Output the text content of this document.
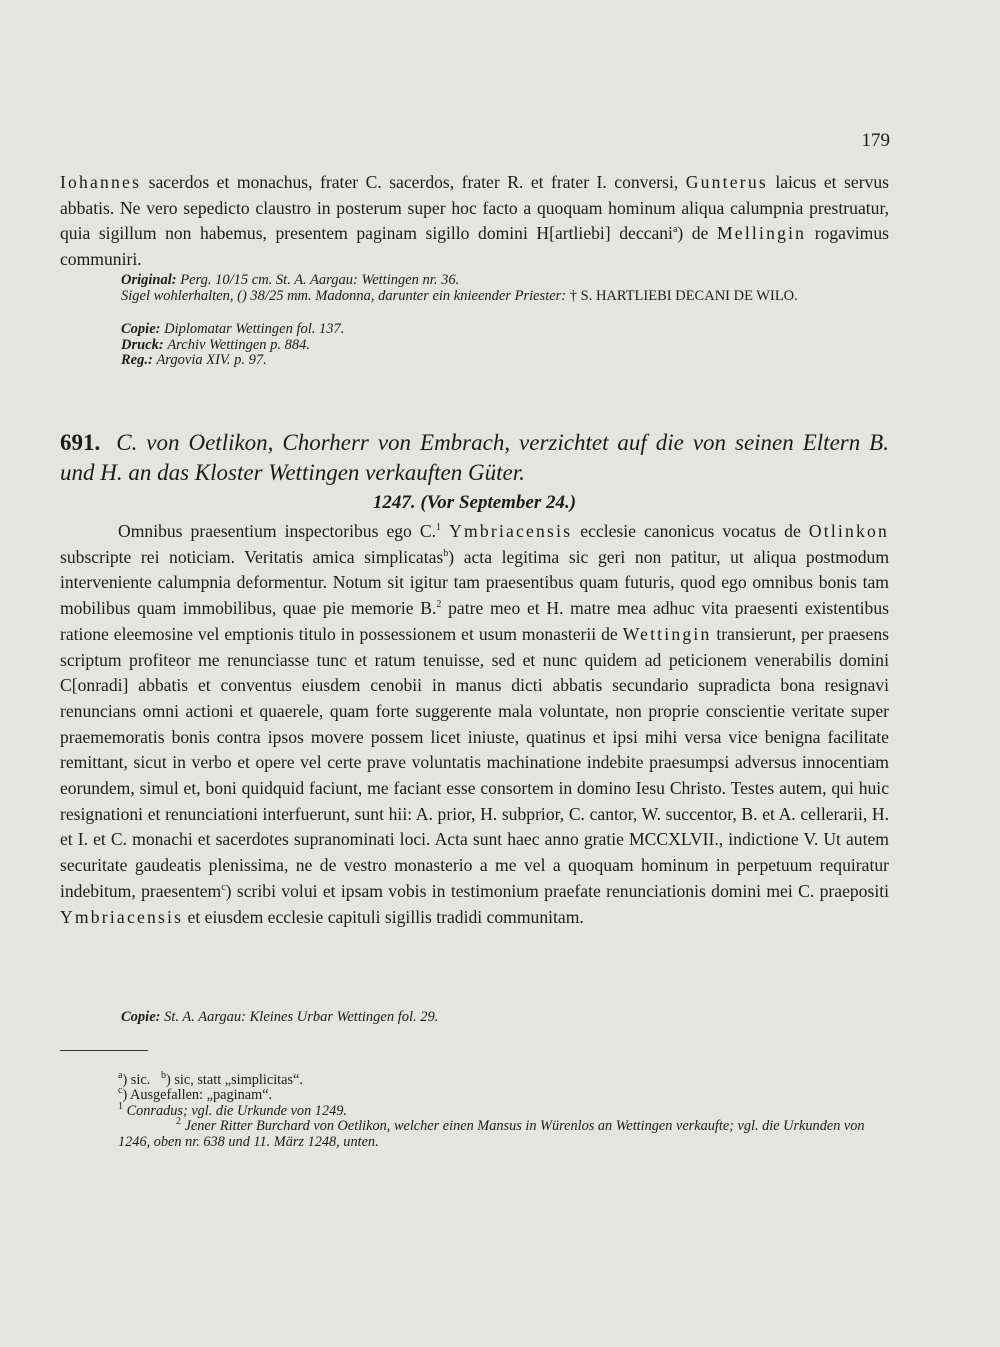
179

Iohannes sacerdos et monachus, frater C. sacerdos, frater R. et frater I. conversi, Gunterus laicus et servus abbatis. Ne vero sepedicto claustro in posterum super hoc facto a quoquam hominum aliqua calumpnia prestruatur, quia sigillum non habemus, presentem paginam sigillo domini H[artliebi] deccani$^a$) de Mellingin rogavimus communiri.

Original: Perg. 10/15 cm. St. A. Aargau: Wettingen nr. 36.

Sigel wohlerhalten, () 38/25 mm. Madonna, darunter ein knieender Priester: † S. HARTLIEBI DECANI DE WILO.

Copie: Diplomatar Wettingen fol. 137.

Druck: Archiv Wettingen p. 884.

Reg.: Argovia XIV. p. 97.

691. C. von Oetlikon, Chorherr von Embrach, verzichtet auf die von seinen Eltern B. und H. an das Kloster Wettingen verkauften Güter.

1247. (Vor September 24.)

Omnibus praesentium inspectoribus ego C.$^1$ Ymbriacensis ecclesie canonicus vocatus de Otlinkon subscripte rei noticiam. Veritatis amica simplicatas$^b$) acta legitima sic geri non patitur, ut aliqua postmodum interveniente calumpnia deformentur. Notum sit igitur tam praesentibus quam futuris, quod ego omnibus bonis tam mobilibus quam immobilibus, quae pie memorie B.$^2$ patre meo et H. matre mea adhuc vita praesenti existentibus ratione eleemosine vel emptionis titulo in possessionem et usum monasterii de Wettingin transierunt, per praesens scriptum profiteor me renunciasse tunc et ratum tenuisse, sed et nunc quidem ad peticionem venerabilis domini C[onradi] abbatis et conventus eiusdem cenobii in manus dicti abbatis secundario supradicta bona resignavi renuncians omni actioni et quaerele, quam forte suggerente mala voluntate, non proprie conscientie veritate super praememoratis bonis contra ipsos movere possem licet iniuste, quatinus et ipsi mihi versa vice benigna facilitate remittant, sicut in verbo et opere vel certe prave voluntatis machinatione indebite praesumpsi adversus innocentiam eorundem, simul et, boni quidquid faciunt, me faciant esse consortem in domino Iesu Christo. Testes autem, qui huic resignationi et renunciationi interfuerunt, sunt hii: A. prior, H. subprior, C. cantor, W. succentor, B. et A. cellerarii, H. et I. et C. monachi et sacerdotes supranominati loci. Acta sunt haec anno gratie MCCXLVII., indictione V. Ut autem securitate gaudeatis plenissima, ne de vestro monasterio a me vel a quoquam hominum in perpetuum requiratur indebitum, praesentem$^c$) scribi volui et ipsam vobis in testimonium praefate renunciationis domini mei C. praepositi Ymbriacensis et eiusdem ecclesie capituli sigillis tradidi communitam.

Copie: St. A. Aargau: Kleines Urbar Wettingen fol. 29.

$^a$) sic. $^b$) sic, statt „simplicitas“.

$^c$) Ausgefallen: „paginam“.

$^1$ Conradus; vgl. die Urkunde von 1249.

$^2$ Jener Ritter Burchard von Oetlikon, welcher einen Mansus in Würenlos an Wettingen verkaufte; vgl. die Urkunden von 1246, oben nr. 638 und 11. März 1248, unten.
